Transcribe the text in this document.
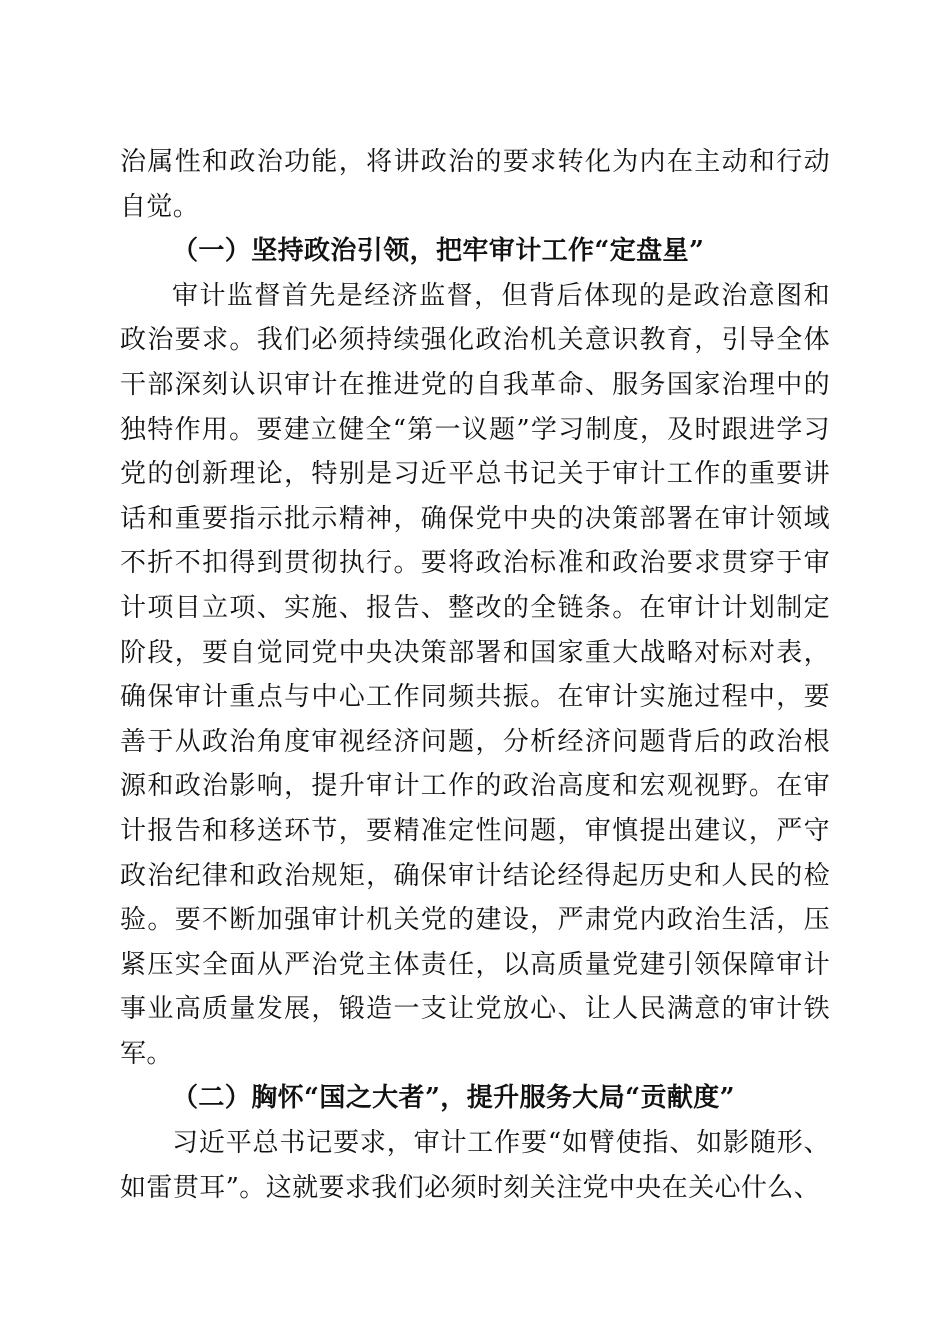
治属性和政治功能，将讲政治的要求转化为内在主动和行动自觉。

（一）坚持政治引领，把牢审计工作“定盘星”

审计监督首先是经济监督，但背后体现的是政治意图和政治要求。我们必须持续强化政治机关意识教育，引导全体干部深刻认识审计在推进党的自我革命、服务国家治理中的独特作用。要建立健全“第一议题”学习制度，及时跟进学习党的创新理论，特别是习近平总书记关于审计工作的重要讲话和重要指示批示精神，确保党中央的决策部署在审计领域不折不扣得到贯彻执行。要将政治标准和政治要求贯穿于审计项目立项、实施、报告、整改的全链条。在审计计划制定阶段，要自觉同党中央决策部署和国家重大战略对标对表，确保审计重点与中心工作同频共振。在审计实施过程中，要善于从政治角度审视经济问题，分析经济问题背后的政治根源和政治影响，提升审计工作的政治高度和宏观视野。在审计报告和移送环节，要精准定性问题，审慎提出建议，严守政治纪律和政治规矩，确保审计结论经得起历史和人民的检验。要不断加强审计机关党的建设，严肃党内政治生活，压紧压实全面从严治党主体责任，以高质量党建引领保障审计事业高质量发展，锻造一支让党放心、让人民满意的审计铁军。

（二）胸怀“国之大者”，提升服务大局“贡献度”

习近平总书记要求，审计工作要“如臂使指、如影随形、如雷贯耳”。这就要求我们必须时刻关注党中央在关心什么、
